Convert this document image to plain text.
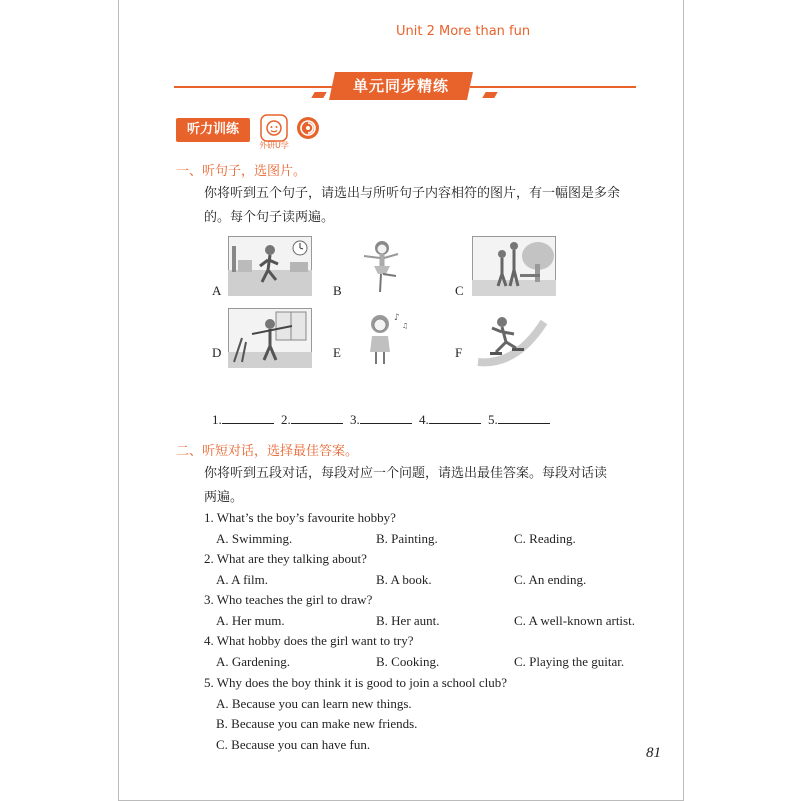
Unit 2 More than fun
单元同步精练
听力训练
外研U学
一、听句子，选图片。
你将听到五个句子，请选出与所听句子内容相符的图片，有一幅图是多余
的。每个句子读两遍。
A	B	C
D	E
♪
♫
F
1.	2.	3.	4.	5.
二、听短对话，选择最佳答案。
你将听到五段对话，每段对应一个问题，请选出最佳答案。每段对话读
两遍。
1. What’s the boy’s favourite hobby?
A. Swimming.	B. Painting.	C. Reading.
2. What are they talking about?
A. A film.	B. A book.	C. An ending.
3. Who teaches the girl to draw?
A. Her mum.	B. Her aunt.	C. A well-known artist.
4. What hobby does the girl want to try?
A. Gardening.	B. Cooking.	C. Playing the guitar.
5. Why does the boy think it is good to join a school club?
A. Because you can learn new things.
B. Because you can make new friends.
C. Because you can have fun.
81
